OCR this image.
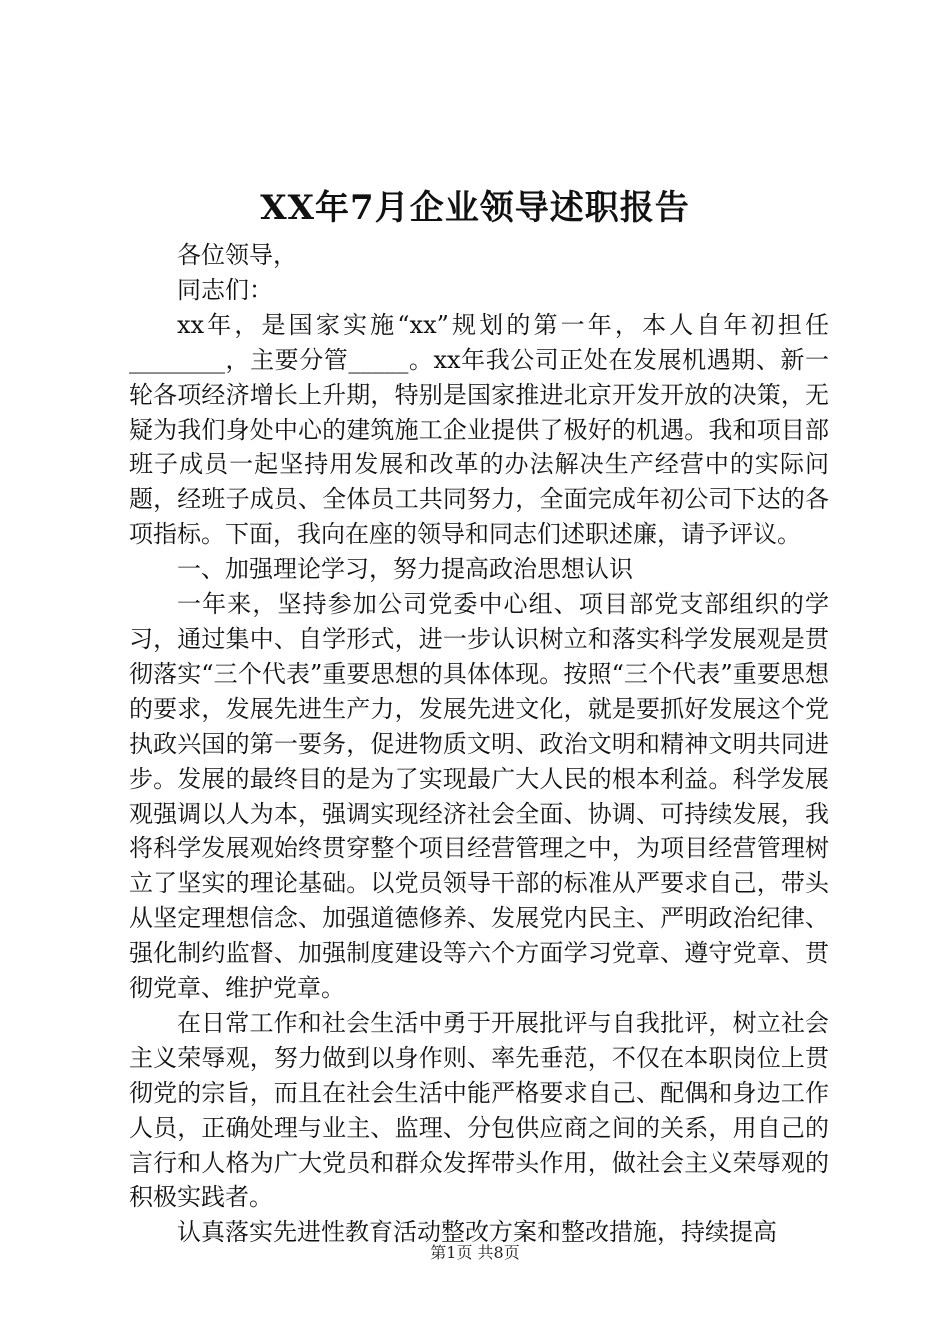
XX年7月企业领导述职报告

各位领导，

同志们：

xx年，是国家实施“xx”规划的第一年，本人自年初担任________，主要分管_____。xx年我公司正处在发展机遇期、新一轮各项经济增长上升期，特别是国家推进北京开发开放的决策，无疑为我们身处中心的建筑施工企业提供了极好的机遇。我和项目部班子成员一起坚持用发展和改革的办法解决生产经营中的实际问题，经班子成员、全体员工共同努力，全面完成年初公司下达的各项指标。下面，我向在座的领导和同志们述职述廉，请予评议。

一、加强理论学习，努力提高政治思想认识

一年来，坚持参加公司党委中心组、项目部党支部组织的学习，通过集中、自学形式，进一步认识树立和落实科学发展观是贯彻落实“三个代表”重要思想的具体体现。按照“三个代表”重要思想的要求，发展先进生产力，发展先进文化，就是要抓好发展这个党执政兴国的第一要务，促进物质文明、政治文明和精神文明共同进步。发展的最终目的是为了实现最广大人民的根本利益。科学发展观强调以人为本，强调实现经济社会全面、协调、可持续发展，我将科学发展观始终贯穿整个项目经营管理之中，为项目经营管理树立了坚实的理论基础。以党员领导干部的标准从严要求自己，带头从坚定理想信念、加强道德修养、发展党内民主、严明政治纪律、强化制约监督、加强制度建设等六个方面学习党章、遵守党章、贯彻党章、维护党章。

在日常工作和社会生活中勇于开展批评与自我批评，树立社会主义荣辱观，努力做到以身作则、率先垂范，不仅在本职岗位上贯彻党的宗旨，而且在社会生活中能严格要求自己、配偶和身边工作人员，正确处理与业主、监理、分包供应商之间的关系，用自己的言行和人格为广大党员和群众发挥带头作用，做社会主义荣辱观的积极实践者。

认真落实先进性教育活动整改方案和整改措施，持续提高

第1页 共8页
